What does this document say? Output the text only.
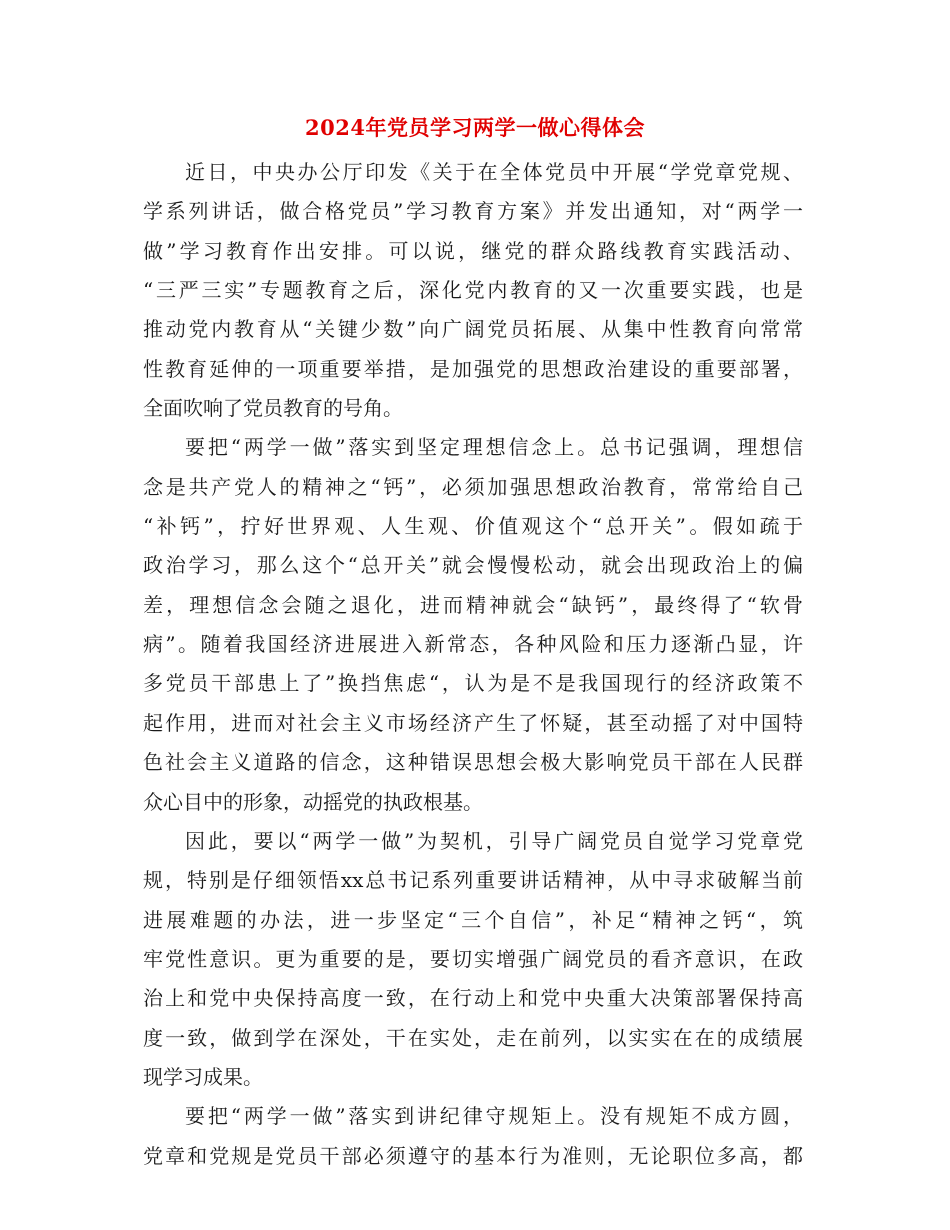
2024年党员学习两学一做心得体会
近日，中央办公厅印发《关于在全体党员中开展“学党章党规、
学系列讲话，做合格党员”学习教育方案》并发出通知，对“两学一
做”学习教育作出安排。可以说，继党的群众路线教育实践活动、
“三严三实”专题教育之后，深化党内教育的又一次重要实践，也是
推动党内教育从“关键少数”向广阔党员拓展、从集中性教育向常常
性教育延伸的一项重要举措，是加强党的思想政治建设的重要部署，
全面吹响了党员教育的号角。
要把“两学一做”落实到坚定理想信念上。总书记强调，理想信
念是共产党人的精神之“钙”，必须加强思想政治教育，常常给自己
“补钙”，拧好世界观、人生观、价值观这个“总开关”。假如疏于
政治学习，那么这个“总开关”就会慢慢松动，就会出现政治上的偏
差，理想信念会随之退化，进而精神就会“缺钙”，最终得了“软骨
病”。随着我国经济进展进入新常态，各种风险和压力逐渐凸显，许
多党员干部患上了”换挡焦虑“，认为是不是我国现行的经济政策不
起作用，进而对社会主义市场经济产生了怀疑，甚至动摇了对中国特
色社会主义道路的信念，这种错误思想会极大影响党员干部在人民群
众心目中的形象，动摇党的执政根基。
因此，要以“两学一做”为契机，引导广阔党员自觉学习党章党
规，特别是仔细领悟xx总书记系列重要讲话精神，从中寻求破解当前
进展难题的办法，进一步坚定“三个自信”，补足“精神之钙“，筑
牢党性意识。更为重要的是，要切实增强广阔党员的看齐意识，在政
治上和党中央保持高度一致，在行动上和党中央重大决策部署保持高
度一致，做到学在深处，干在实处，走在前列，以实实在在的成绩展
现学习成果。
要把“两学一做”落实到讲纪律守规矩上。没有规矩不成方圆，
党章和党规是党员干部必须遵守的基本行为准则，无论职位多高，都
